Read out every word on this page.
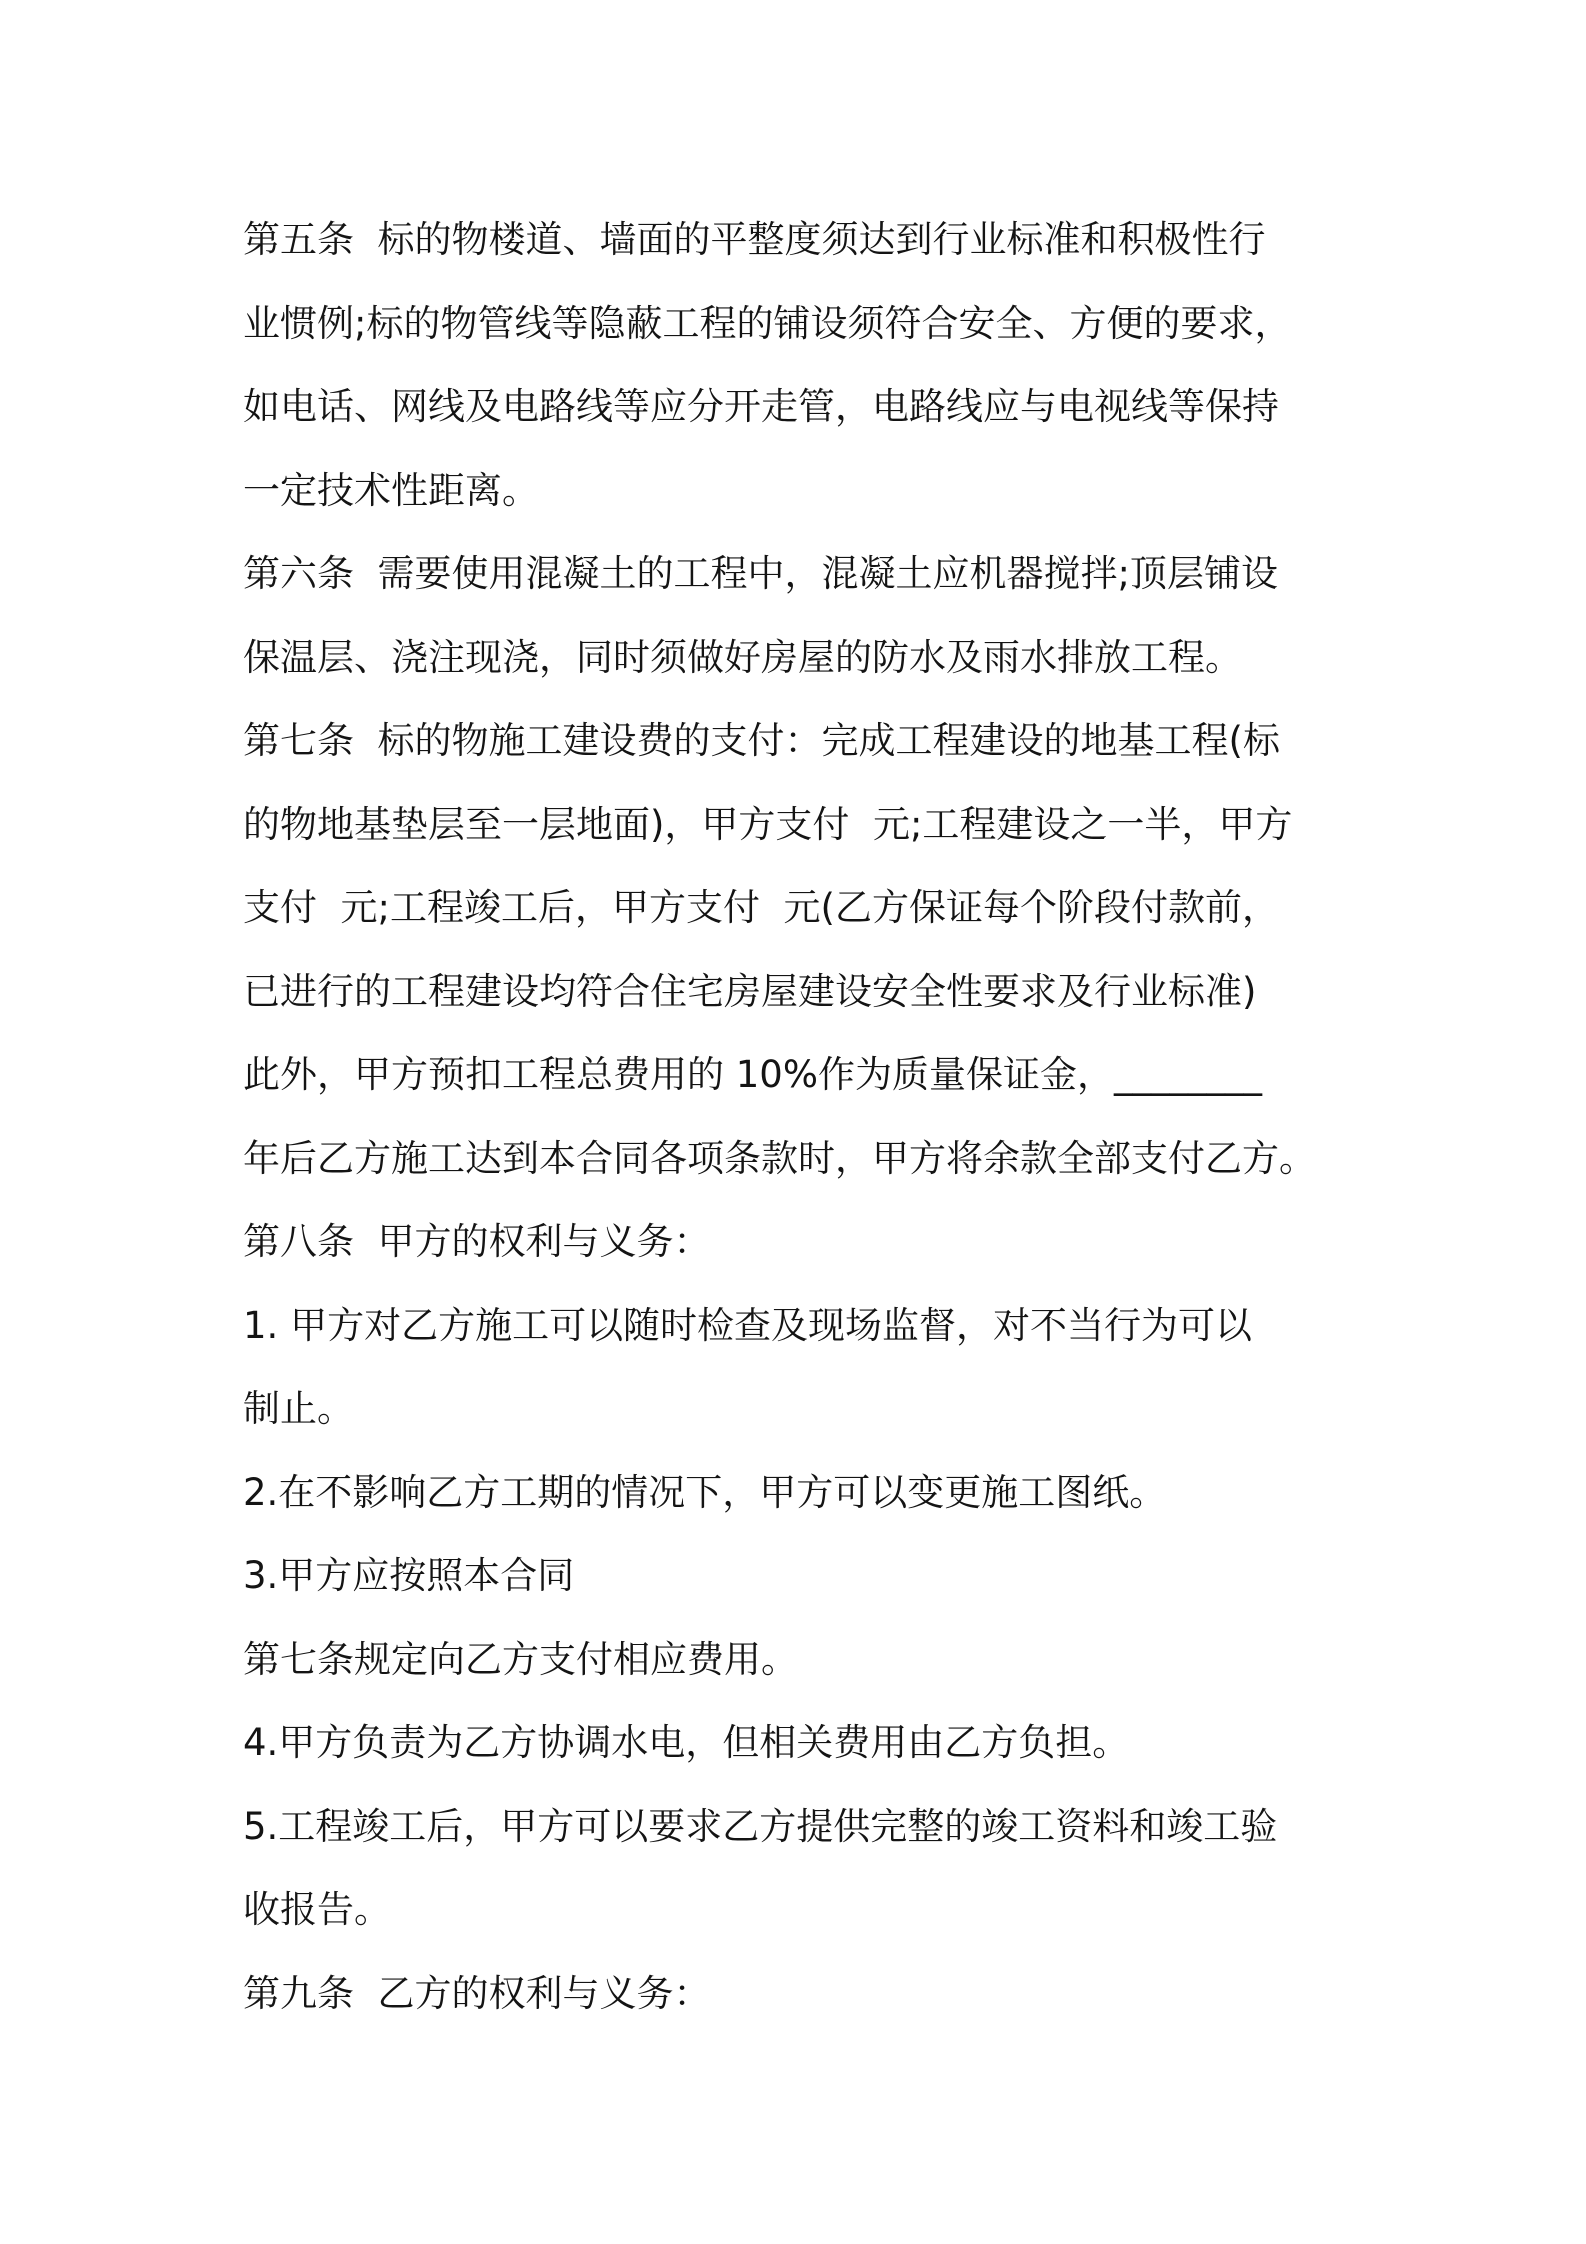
第五条  标的物楼道、墙面的平整度须达到行业标准和积极性行

业惯例;标的物管线等隐蔽工程的铺设须符合安全、方便的要求，

如电话、网线及电路线等应分开走管，电路线应与电视线等保持

一定技术性距离。

第六条  需要使用混凝土的工程中，混凝土应机器搅拌;顶层铺设

保温层、浇注现浇，同时须做好房屋的防水及雨水排放工程。

第七条  标的物施工建设费的支付：完成工程建设的地基工程(标

的物地基垫层至一层地面)，甲方支付  元;工程建设之一半，甲方

支付  元;工程竣工后，甲方支付  元(乙方保证每个阶段付款前，

已进行的工程建设均符合住宅房屋建设安全性要求及行业标准)

此外，甲方预扣工程总费用的 10%作为质量保证金，________

年后乙方施工达到本合同各项条款时，甲方将余款全部支付乙方。

第八条  甲方的权利与义务：

1. 甲方对乙方施工可以随时检查及现场监督，对不当行为可以

制止。

2.在不影响乙方工期的情况下，甲方可以变更施工图纸。

3.甲方应按照本合同

第七条规定向乙方支付相应费用。

4.甲方负责为乙方协调水电，但相关费用由乙方负担。

5.工程竣工后，甲方可以要求乙方提供完整的竣工资料和竣工验

收报告。

第九条  乙方的权利与义务：
